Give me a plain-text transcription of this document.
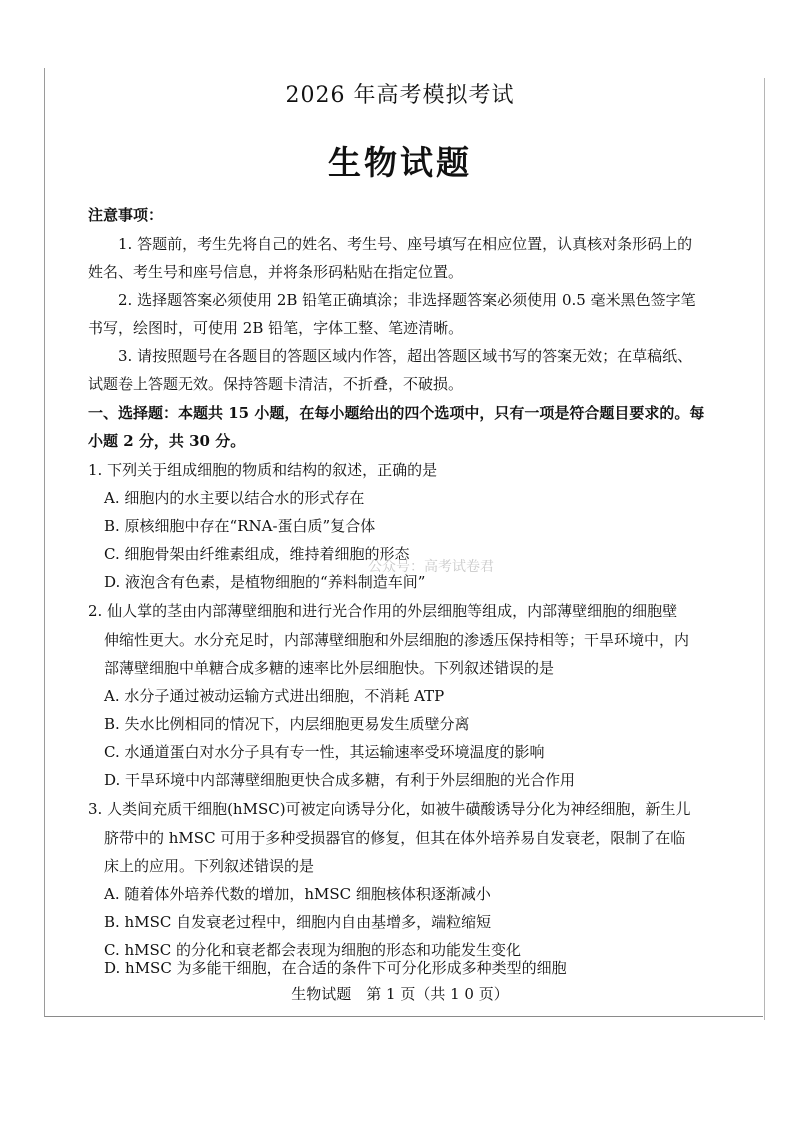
2026 年高考模拟考试
生物试题
注意事项：
1. 答题前，考生先将自己的姓名、考生号、座号填写在相应位置，认真核对条形码上的
姓名、考生号和座号信息，并将条形码粘贴在指定位置。
2. 选择题答案必须使用 2B 铅笔正确填涂；非选择题答案必须使用 0.5 毫米黑色签字笔
书写，绘图时，可使用 2B 铅笔，字体工整、笔迹清晰。
3. 请按照题号在各题目的答题区域内作答，超出答题区域书写的答案无效；在草稿纸、
试题卷上答题无效。保持答题卡清洁，不折叠，不破损。
一、选择题：本题共 15 小题，在每小题给出的四个选项中，只有一项是符合题目要求的。每
小题 2 分，共 30 分。
1. 下列关于组成细胞的物质和结构的叙述，正确的是
A. 细胞内的水主要以结合水的形式存在
B. 原核细胞中存在“RNA-蛋白质”复合体
C. 细胞骨架由纤维素组成，维持着细胞的形态
D. 液泡含有色素，是植物细胞的“养料制造车间”
公众号：高考试卷君
2. 仙人掌的茎由内部薄壁细胞和进行光合作用的外层细胞等组成，内部薄壁细胞的细胞壁
伸缩性更大。水分充足时，内部薄壁细胞和外层细胞的渗透压保持相等；干旱环境中，内
部薄壁细胞中单糖合成多糖的速率比外层细胞快。下列叙述错误的是
A. 水分子通过被动运输方式进出细胞，不消耗 ATP
B. 失水比例相同的情况下，内层细胞更易发生质壁分离
C. 水通道蛋白对水分子具有专一性，其运输速率受环境温度的影响
D. 干旱环境中内部薄壁细胞更快合成多糖，有利于外层细胞的光合作用
3. 人类间充质干细胞(hMSC)可被定向诱导分化，如被牛磺酸诱导分化为神经细胞，新生儿
脐带中的 hMSC 可用于多种受损器官的修复，但其在体外培养易自发衰老，限制了在临
床上的应用。下列叙述错误的是
A. 随着体外培养代数的增加，hMSC 细胞核体积逐渐减小
B. hMSC 自发衰老过程中，细胞内自由基增多，端粒缩短
C. hMSC 的分化和衰老都会表现为细胞的形态和功能发生变化
D. hMSC 为多能干细胞，在合适的条件下可分化形成多种类型的细胞
生物试题　第 1 页（共 1 0 页）
